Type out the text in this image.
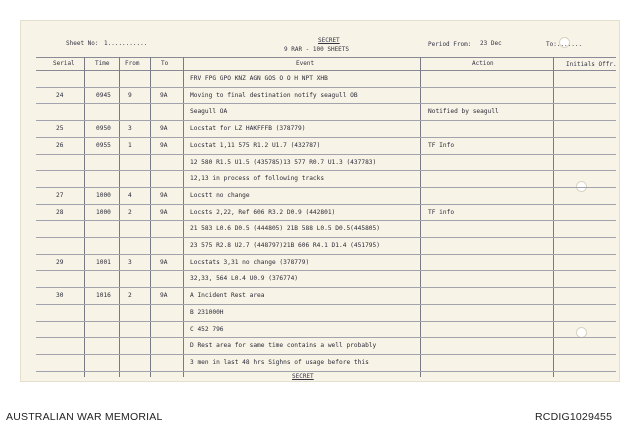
Sheet No: 1...........	SECRET
9 RAR - 100 SHEETS
Period From: 23 Dec	To:.......
Serial	Time	From	To	Event	Action	Initials Offr.
FRV FPG GPO KNZ AGN GOS O O H NPT XHB
24	0945	9	9A	Moving to final destination notify seagull OB
Seagull OA	Notified by seagull
25	0950	3	9A	Locstat for LZ HAKFFFB (378779)
26	0955	1	9A	Locstat 1,11 575 R1.2 U1.7 (432787)	TF Info
12 580 R1.5 U1.5 (435785)13 577 R0.7 U1.3 (437783)
12,13 in process of following tracks
27	1000	4	9A	Locstt no change
28	1000	2	9A	Locsts 2,22, Ref 606 R3.2 D0.9 (442801)	TF info
21 583 L0.6 D0.5 (444805) 21B 588 L0.5 D0.5(445805)
23 575 R2.8 U2.7 (448797)21B 606 R4.1 D1.4 (451795)
29	1001	3	9A	Locstats 3,31 no change (378779)
32,33, 564 L0.4 U0.9 (376774)
30	1016	2	9A	A Incident Rest area
B 231000H
C 452 796
D Rest area for same time contains a well probably
3 men in last 48 hrs Sighns of usage before this
SECRET
AUSTRALIAN WAR MEMORIAL	RCDIG1029455
